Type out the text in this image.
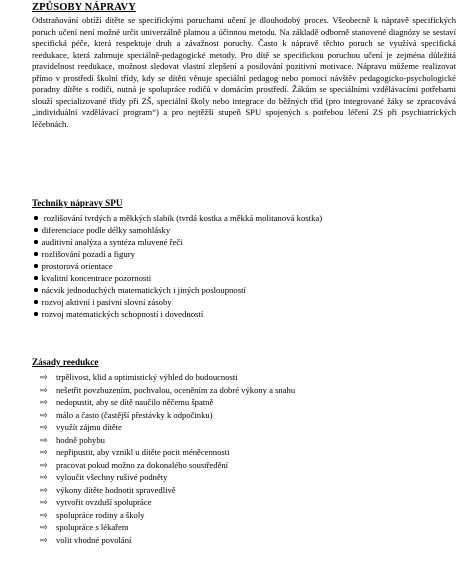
ZPŮSOBY NÁPRAVY
Odstraňování obtíží dítěte se specifickými poruchami učení je dlouhodobý proces. Všeobecně k nápravě specifických poruch učení není možné určit univerzálně platnou a účinnou metodu. Na základě odborně stanovené diagnózy se sestaví specifická péče, která respektuje druh a závažnost poruchy. Často k nápravě těchto poruch se využívá specifická reedukace, která zahrnuje speciálně-pedagogické metody. Pro dítě se specifickou poruchou učení je zejména důležitá pravidelnost reedukace, možnost sledovat vlastní zlepšení a posilování pozitivní motivace. Nápravu můžeme realizovat přímo v prostředí školní třídy, kdy se dítěti věnuje speciální pedagog nebo pomocí návštěv pedagogicko-psychologické poradny dítěte s rodiči, nutná je spolupráce rodičů v domácím prostředí. Žákům se speciálními vzdělávacími potřebami slouží specializované třídy při ZŠ, speciální školy nebo integrace do běžných tříd (pro integrované žáky se zpracovává „individuální vzdělávací program“) a pro nejtěžší stupeň SPU spojených s potřebou léčení ZS při psychiatrických léčebnách.
Techniky nápravy SPU
rozlišování tvrdých a měkkých slabik (tvrdá kostka a měkká molitanová kostka)
diferenciace podle délky samohlásky
auditivní analýza a syntéza mluvené řeči
rozlišování pozadí a figury
prostorová orientace
kvalitní koncentrace pozornosti
nácvik jednoduchých matematických i jiných posloupností
rozvoj aktivní i pasivní slovní zásoby
rozvoj matematických schopností i dovedností
Zásady reedukce
⇨ trpělivost, klid a optimistický výhled do budoucnosti
⇨ nešetřit povzbuzením, pochvalou, oceněním za dobré výkony a snahu
⇨ nedopustit, aby se dítě naučilo něčemu špatně
⇨ málo a často (častější přestávky k odpočinku)
⇨ využít zájmu dítěte
⇨ hodně pohybu
⇨ nepřipustit, aby vznikl u dítěte pocit méněcennosti
⇨ pracovat pokud možno za dokonalého soustředění
⇨ vyloučit všechny rušivé podněty
⇨ výkony dítěte hodnotit spravedlivě
⇨ vytvořit ovzduší spolupráce
⇨ spolupráce rodiny a školy
⇨ spolupráce s lékařem
⇨ volit vhodné povolání
